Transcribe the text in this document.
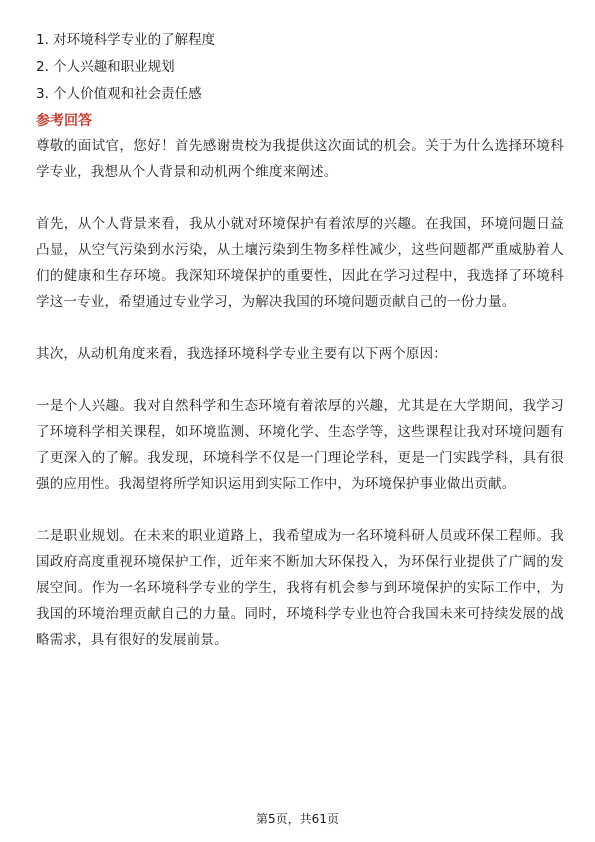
1. 对环境科学专业的了解程度
2. 个人兴趣和职业规划
3. 个人价值观和社会责任感
参考回答

尊敬的面试官，您好！首先感谢贵校为我提供这次面试的机会。关于为什么选择环境科学专业，我想从个人背景和动机两个维度来阐述。

首先，从个人背景来看，我从小就对环境保护有着浓厚的兴趣。在我国，环境问题日益凸显，从空气污染到水污染，从土壤污染到生物多样性减少，这些问题都严重威胁着人们的健康和生存环境。我深知环境保护的重要性，因此在学习过程中，我选择了环境科学这一专业，希望通过专业学习，为解决我国的环境问题贡献自己的一份力量。

其次，从动机角度来看，我选择环境科学专业主要有以下两个原因：

一是个人兴趣。我对自然科学和生态环境有着浓厚的兴趣，尤其是在大学期间，我学习了环境科学相关课程，如环境监测、环境化学、生态学等，这些课程让我对环境问题有了更深入的了解。我发现，环境科学不仅是一门理论学科，更是一门实践学科，具有很强的应用性。我渴望将所学知识运用到实际工作中，为环境保护事业做出贡献。

二是职业规划。在未来的职业道路上，我希望成为一名环境科研人员或环保工程师。我国政府高度重视环境保护工作，近年来不断加大环保投入，为环保行业提供了广阔的发展空间。作为一名环境科学专业的学生，我将有机会参与到环境保护的实际工作中，为我国的环境治理贡献自己的力量。同时，环境科学专业也符合我国未来可持续发展的战略需求，具有很好的发展前景。

第5页，共61页
